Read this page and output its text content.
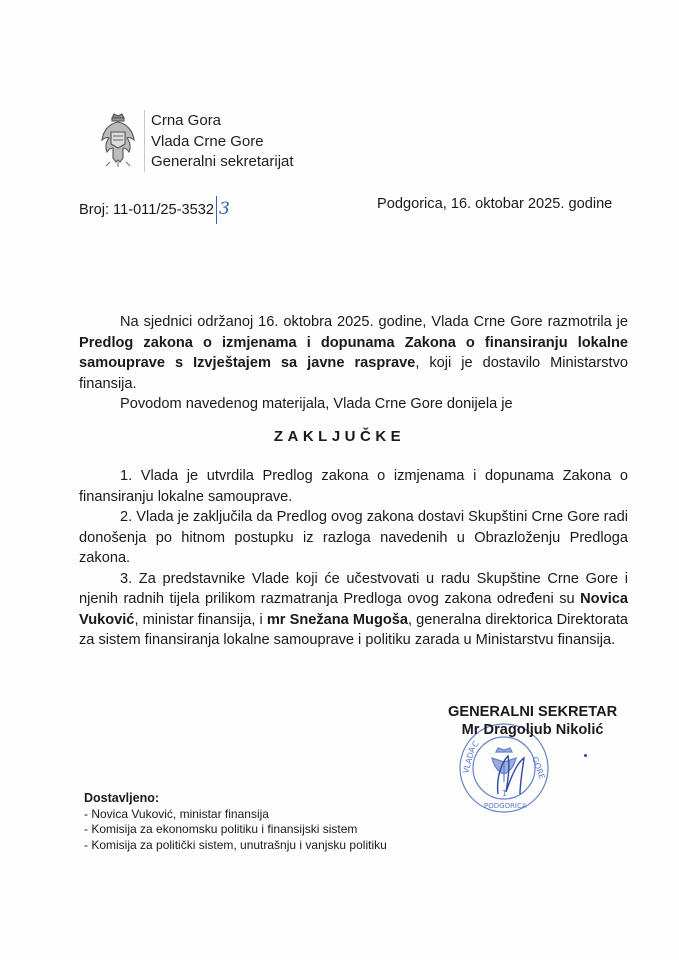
Crna Gora
Vlada Crne Gore
Generalni sekretarijat
Broj: 11-011/25-3532 3	Podgorica, 16. oktobar 2025. godine

Na sjednici održanoj 16. oktobra 2025. godine, Vlada Crne Gore razmotrila je Predlog zakona o izmjenama i dopunama Zakona o finansiranju lokalne samouprave s Izvještajem sa javne rasprave, koji je dostavilo Ministarstvo finansija.

Povodom navedenog materijala, Vlada Crne Gore donijela je

ZAKLJUČKE

1. Vlada je utvrdila Predlog zakona o izmjenama i dopunama Zakona o finansiranju lokalne samouprave.

2. Vlada je zaključila da Predlog ovog zakona dostavi Skupštini Crne Gore radi donošenja po hitnom postupku iz razloga navedenih u Obrazloženju Predloga zakona.

3. Za predstavnike Vlade koji će učestvovati u radu Skupštine Crne Gore i njenih radnih tijela prilikom razmatranja Predloga ovog zakona određeni su Novica Vuković, ministar finansija, i mr Snežana Mugoša, generalna direktorica Direktorata za sistem finansiranja lokalne samouprave i politiku zarada u Ministarstvu finansija.

C
VLADA	GORE
1
PODGORICA
GENERALNI SEKRETAR
Mr Dragoljub Nikolić
Dostavljeno:
- Novica Vuković, ministar finansija
- Komisija za ekonomsku politiku i finansijski sistem
- Komisija za politički sistem, unutrašnju i vanjsku politiku
